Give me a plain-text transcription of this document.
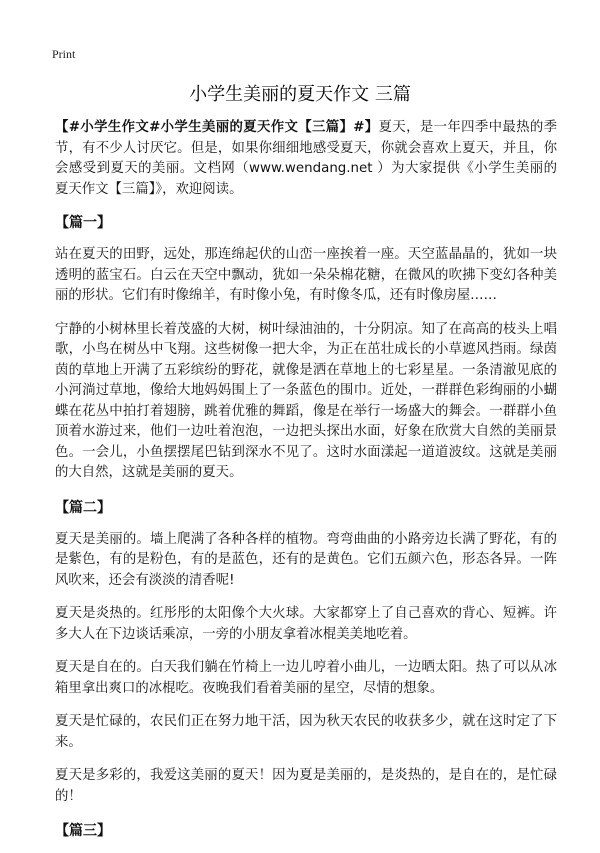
Print
小学生美丽的夏天作文 三篇

【#小学生作文#小学生美丽的夏天作文【三篇】#】夏天，是一年四季中最热的季节，有不少人讨厌它。但是，如果你细细地感受夏天，你就会喜欢上夏天，并且，你会感受到夏天的美丽。文档网（www.wendang.net ）为大家提供《小学生美丽的夏天作文【三篇】》，欢迎阅读。

【篇一】

站在夏天的田野，远处，那连绵起伏的山峦一座挨着一座。天空蓝晶晶的，犹如一块透明的蓝宝石。白云在天空中飘动，犹如一朵朵棉花糖，在微风的吹拂下变幻各种美丽的形状。它们有时像绵羊，有时像小兔，有时像冬瓜，还有时像房屋……

宁静的小树林里长着茂盛的大树，树叶绿油油的，十分阴凉。知了在高高的枝头上唱歌，小鸟在树丛中飞翔。这些树像一把大伞，为正在茁壮成长的小草遮风挡雨。绿茵茵的草地上开满了五彩缤纷的野花，就像是洒在草地上的七彩星星。一条清澈见底的小河淌过草地，像给大地妈妈围上了一条蓝色的围巾。近处，一群群色彩绚丽的小蝴蝶在花丛中拍打着翅膀，跳着优雅的舞蹈，像是在举行一场盛大的舞会。一群群小鱼顶着水游过来，他们一边吐着泡泡，一边把头探出水面，好象在欣赏大自然的美丽景色。一会儿，小鱼摆摆尾巴钻到深水不见了。这时水面漾起一道道波纹。这就是美丽的大自然，这就是美丽的夏天。

【篇二】

夏天是美丽的。墙上爬满了各种各样的植物。弯弯曲曲的小路旁边长满了野花，有的是紫色，有的是粉色，有的是蓝色，还有的是黄色。它们五颜六色，形态各异。一阵风吹来，还会有淡淡的清香呢!

夏天是炎热的。红彤彤的太阳像个大火球。大家都穿上了自己喜欢的背心、短裤。许多大人在下边谈话乘凉，一旁的小朋友拿着冰棍美美地吃着。

夏天是自在的。白天我们躺在竹椅上一边儿哼着小曲儿，一边晒太阳。热了可以从冰箱里拿出爽口的冰棍吃。夜晚我们看着美丽的星空，尽情的想象。

夏天是忙碌的，农民们正在努力地干活，因为秋天农民的收获多少，就在这时定了下来。

夏天是多彩的，我爱这美丽的夏天！因为夏是美丽的，是炎热的，是自在的，是忙碌的！

【篇三】
